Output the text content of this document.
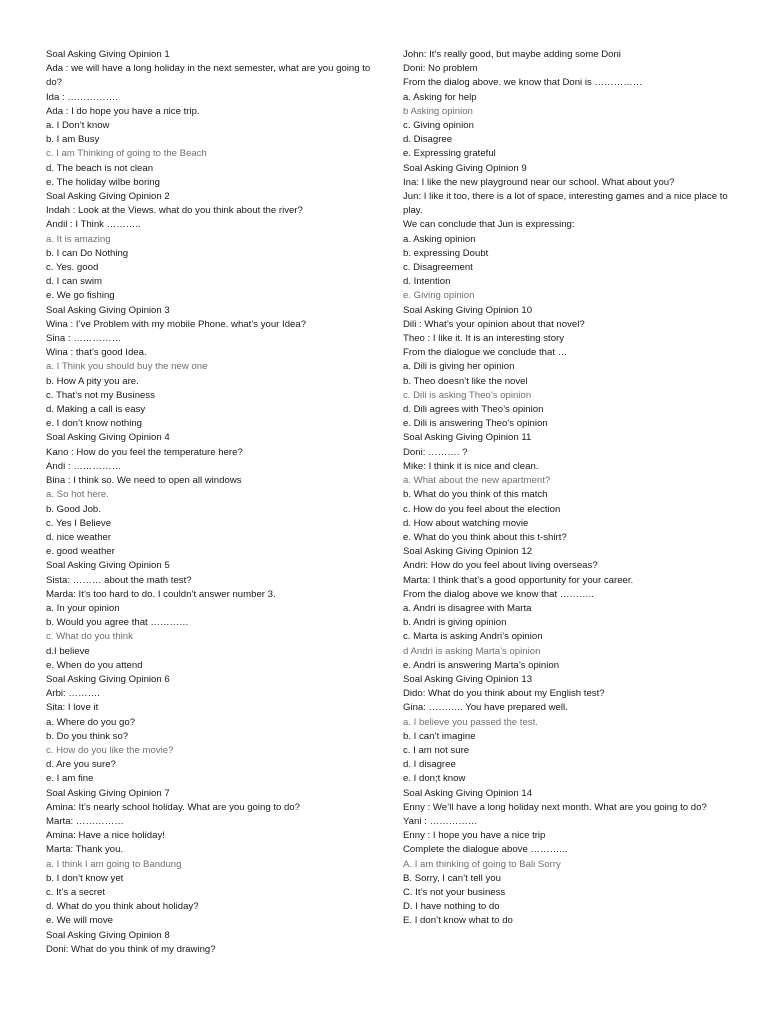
Soal Asking Giving Opinion 1
Ada : we will have a long holiday in the next semester, what are you going to do?
Ida : …………….
Ada : I do hope you have a nice trip.
a. I Don’t know
b. I am Busy
c. I am Thinking of going to the Beach
d. The beach is not clean
e. The holiday wilbe boring
Soal Asking Giving Opinion 2
Indah : Look at the Views. what do you think about the river?
Andil : I Think ………..
a. It is amazing
b. I can Do Nothing
c. Yes. good
d. I can swim
e. We go fishing
Soal Asking Giving Opinion 3
Wina : I’ve Problem with my mobile Phone. what’s your Idea?
Sina : ……………
Wina : that’s good Idea.
a. I Think you should buy the new one
b. How A pity you are.
c. That’s not my Business
d. Making a call is easy
e. I don’t know nothing
Soal Asking Giving Opinion 4
Kano : How do you feel the temperature here?
Andi : ……………
Bina : I think so. We need to open all windows
a. So hot here.
b. Good Job.
c. Yes I Believe
d. nice weather
e. good weather
Soal Asking Giving Opinion 5
Sista: ……… about the math test?
Marda: It’s too hard to do. I couldn’t answer number 3.
a. In your opinion
b. Would you agree that …………
c. What do you think
d.I believe
e. When do you attend
Soal Asking Giving Opinion 6
Arbi: ……….
Sita: I love it
a. Where do you go?
b. Do you think so?
c. How do you like the movie?
d. Are you sure?
e. I am fine
Soal Asking Giving Opinion 7
Amina: It’s nearly school holiday. What are you going to do?
Marta: ……………
Amina: Have a nice holiday!
Marta: Thank you.
a. I think I am going to Bandung
b. I don’t know yet
c. It’s a secret
d. What do you think about holiday?
e. We will move
Soal Asking Giving Opinion 8
Doni: What do you think of my drawing?
John: It’s really good, but maybe adding some Doni
Doni: No problem
From the dialog above. we know that Doni is ……………
a. Asking for help
b Asking opinion
c. Giving opinion
d. Disagree
e. Expressing grateful
Soal Asking Giving Opinion 9
Ina: I like the new playground near our school. What about you?
Jun: I like it too, there is a lot of space, interesting games and a nice place to play.
We can conclude that Jun is expressing:
a. Asking opinion
b. expressing Doubt
c. Disagreement
d. Intention
e. Giving opinion
Soal Asking Giving Opinion 10
Dili : What’s your opinion about that novel?
Theo : I like it. It is an interesting story
From the dialogue we conclude that …
a. Dili is giving her opinion
b. Theo doesn’t like the novel
c. Dili is asking Theo’s opinion
d. Dili agrees with Theo’s opinion
e. Dili is answering Theo’s opinion
Soal Asking Giving Opinion 11
Doni: ………. ?
Mike: I think it is nice and clean.
a. What about the new apartment?
b. What do you think of this match
c. How do you feel about the election
d. How about watching movie
e. What do you think about this t-shirt?
Soal Asking Giving Opinion 12
Andri: How do you feel about living overseas?
Marta: I think that’s a good opportunity for your career.
From the dialog above we know that ………..
a. Andri is disagree with Marta
b. Andri is giving opinion
c. Marta is asking Andri’s opinion
d Andri is asking Marta’s opinion
e. Andri is answering Marta’s opinion
Soal Asking Giving Opinion 13
Dido: What do you think about my English test?
Gina: ……….. You have prepared well.
a. I believe you passed the test.
b. I can’t imagine
c. I am not sure
d. I disagree
e. I don;t know
Soal Asking Giving Opinion 14
Enny : We’ll have a long holiday next month. What are you going to do?
Yani : ……………
Enny : I hope you have a nice trip
Complete the dialogue above ………...
A. I am thinking of going to Bali Sorry
B. Sorry, I can’t tell you
C. It’s not your business
D. I have nothing to do
E. I don’t know what to do
